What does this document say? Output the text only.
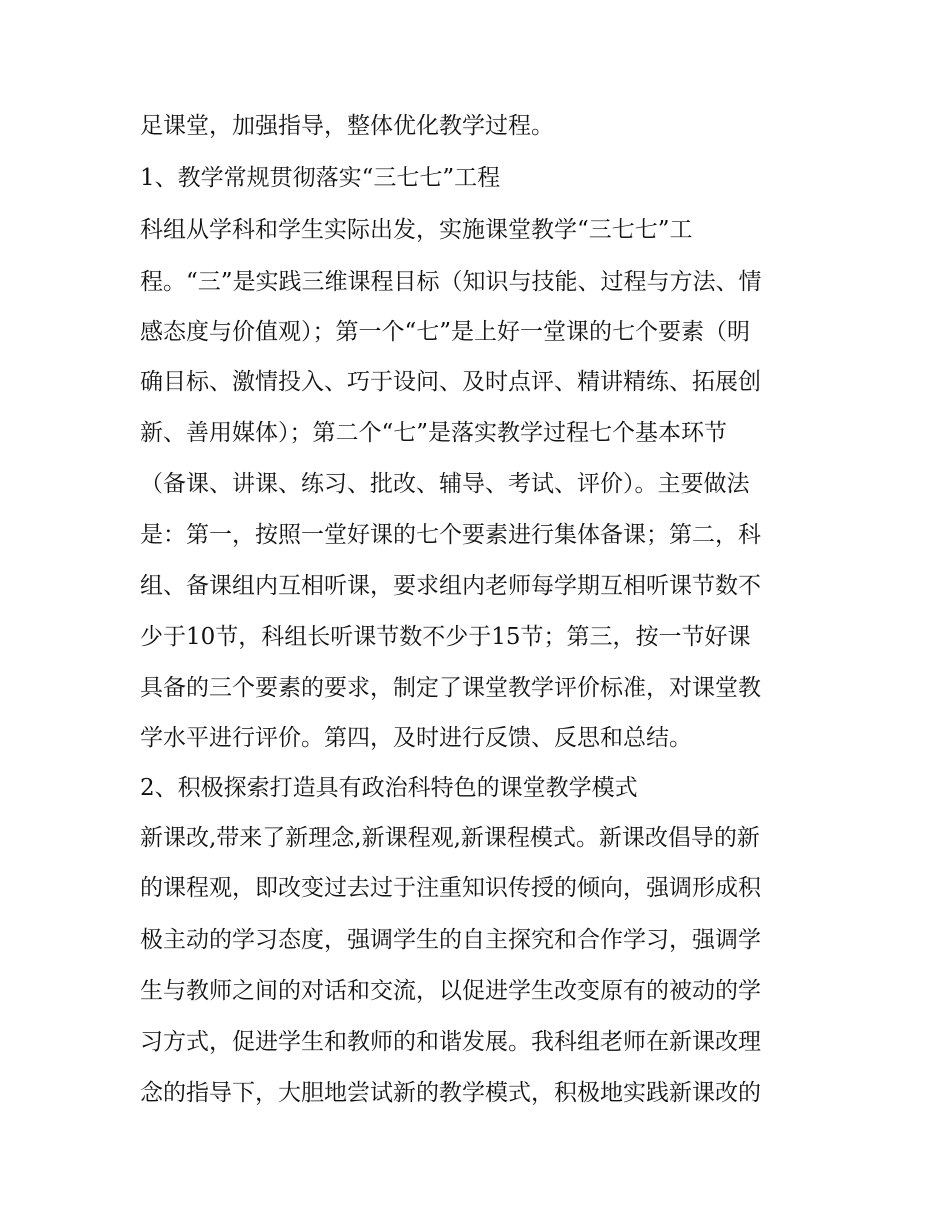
足课堂，加强指导，整体优化教学过程。
1、教学常规贯彻落实“三七七”工程
科组从学科和学生实际出发，实施课堂教学“三七七”工
程。“三”是实践三维课程目标（知识与技能、过程与方法、情
感态度与价值观）；第一个“七”是上好一堂课的七个要素（明
确目标、激情投入、巧于设问、及时点评、精讲精练、拓展创
新、善用媒体）；第二个“七”是落实教学过程七个基本环节
（备课、讲课、练习、批改、辅导、考试、评价）。主要做法
是：第一，按照一堂好课的七个要素进行集体备课；第二，科
组、备课组内互相听课，要求组内老师每学期互相听课节数不
少于10节，科组长听课节数不少于15节；第三，按一节好课
具备的三个要素的要求，制定了课堂教学评价标准，对课堂教
学水平进行评价。第四，及时进行反馈、反思和总结。
2、积极探索打造具有政治科特色的课堂教学模式
新课改,带来了新理念,新课程观,新课程模式。新课改倡导的新
的课程观，即改变过去过于注重知识传授的倾向，强调形成积
极主动的学习态度，强调学生的自主探究和合作学习，强调学
生与教师之间的对话和交流，以促进学生改变原有的被动的学
习方式，促进学生和教师的和谐发展。我科组老师在新课改理
念的指导下，大胆地尝试新的教学模式，积极地实践新课改的
